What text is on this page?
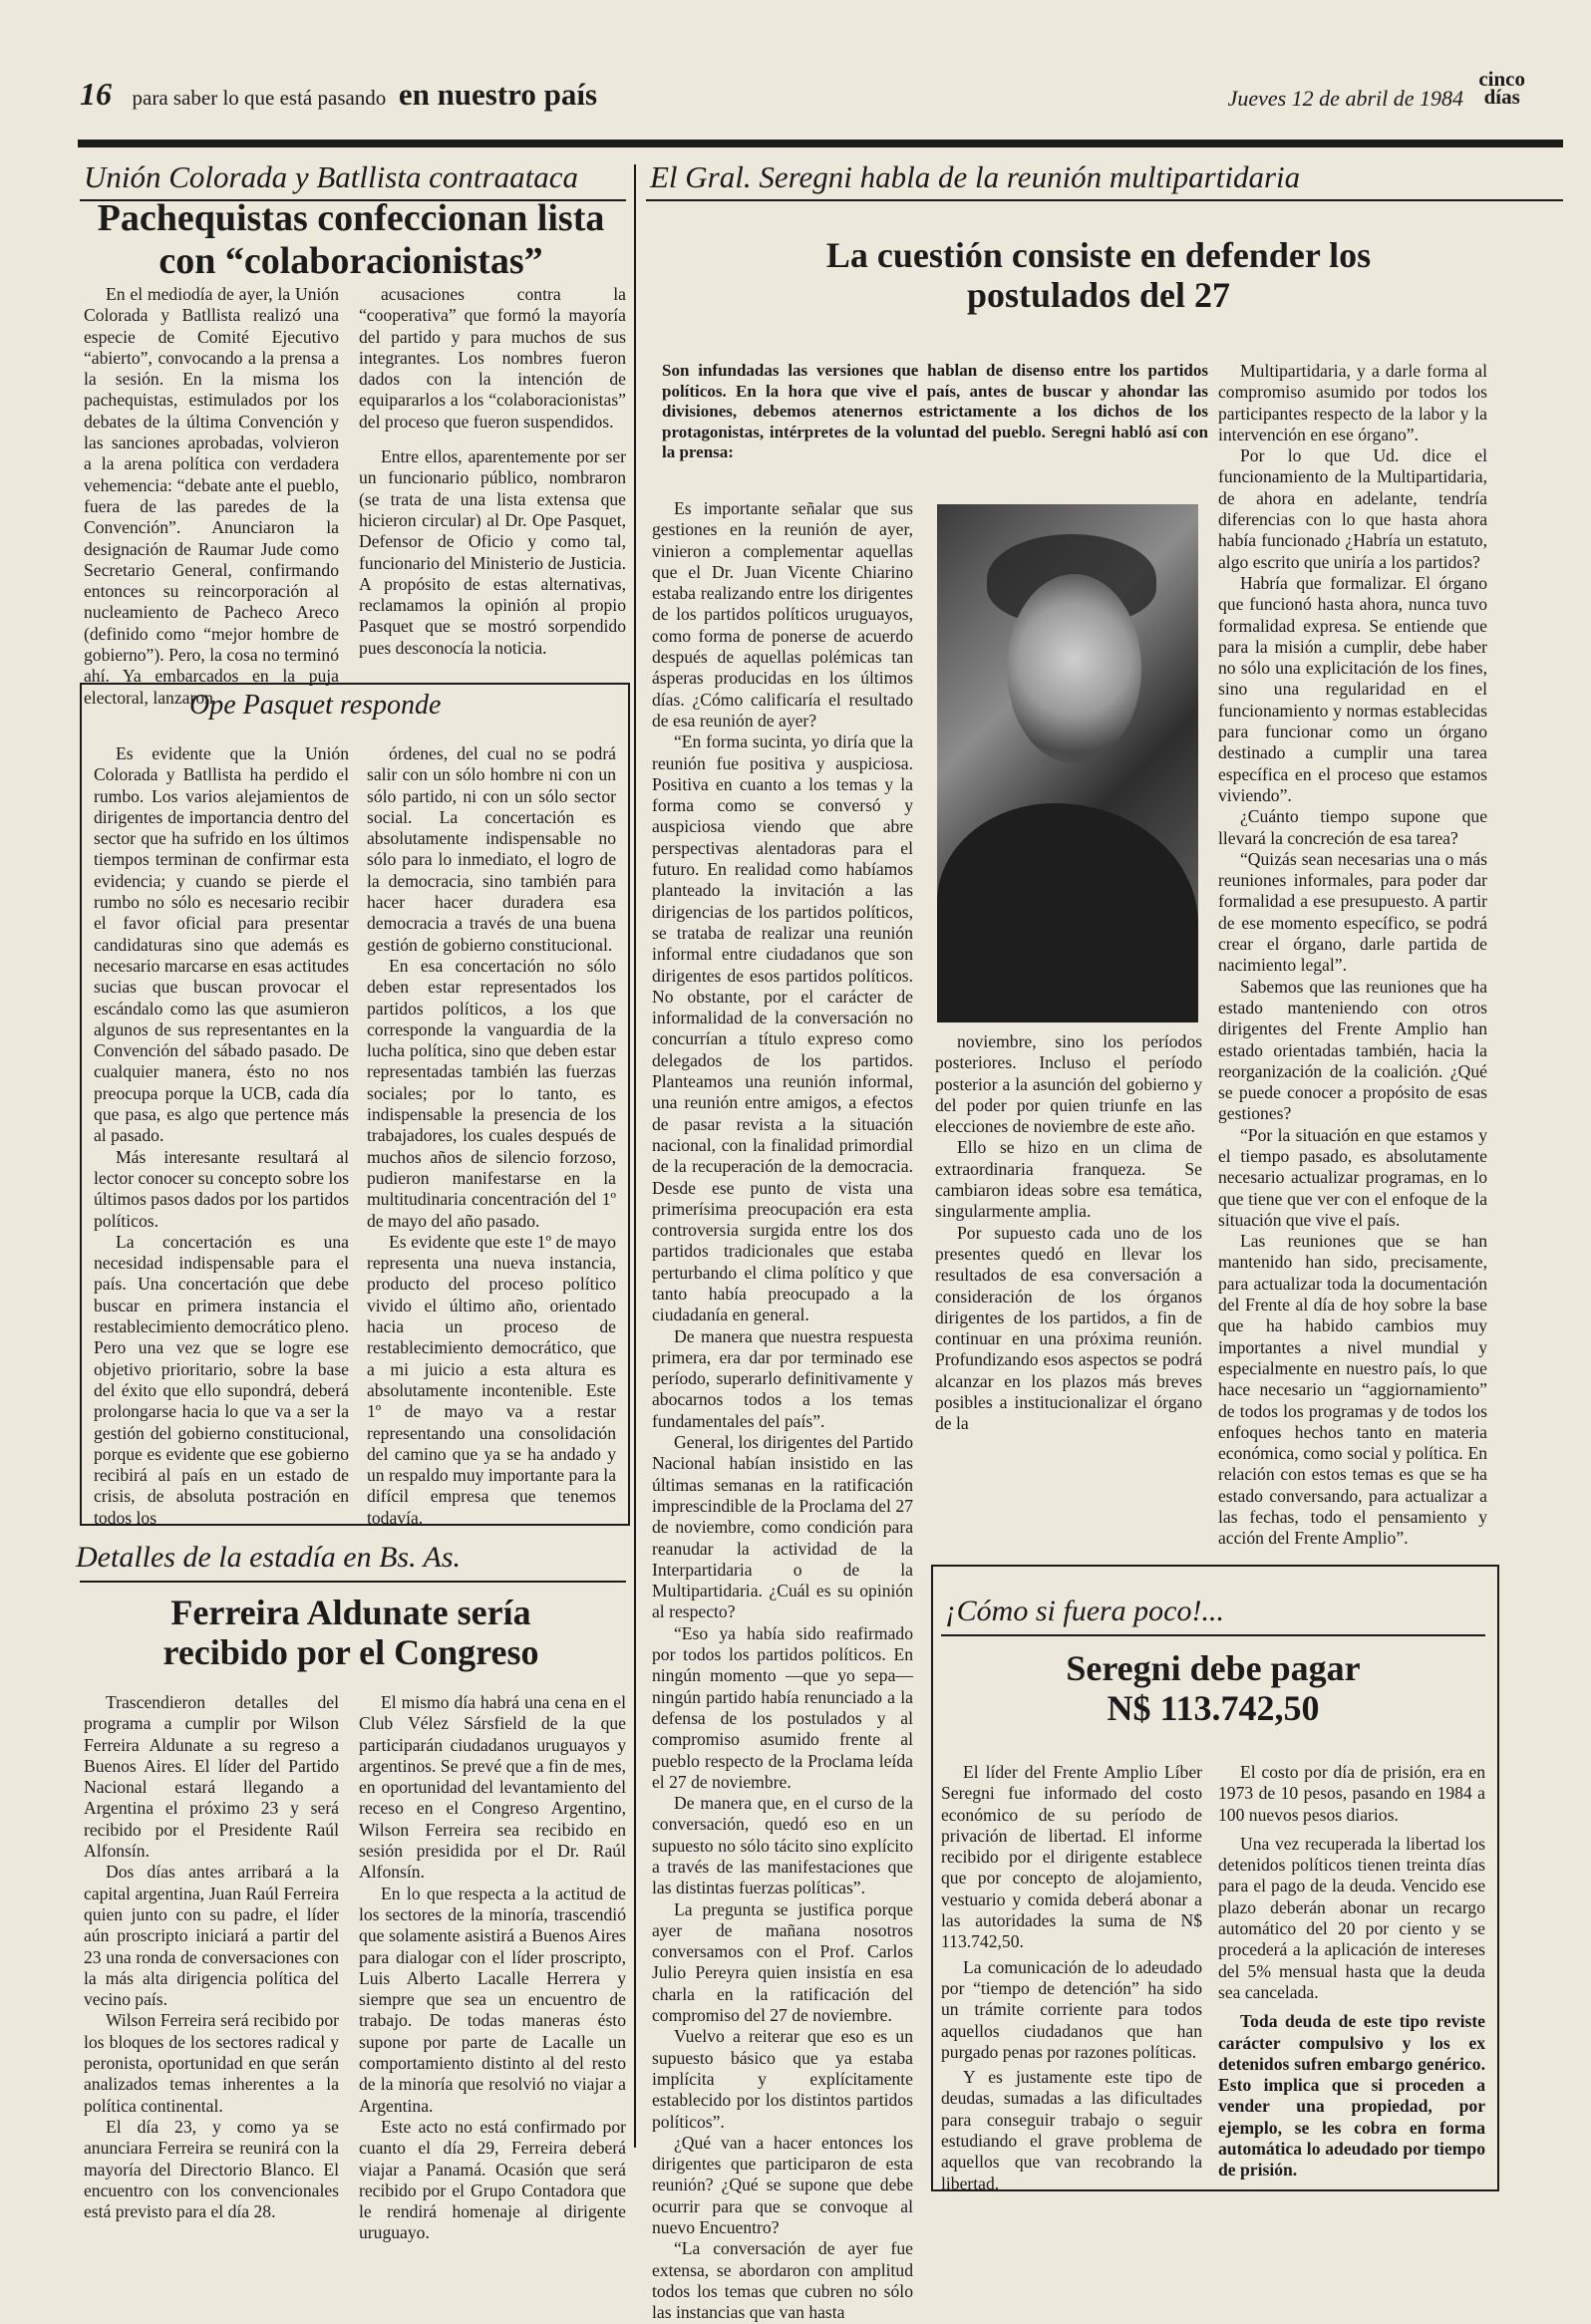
16 para saber lo que está pasando en nuestro país	Jueves 12 de abril de 1984
cinco
días
Unión Colorada y Batllista contraataca
Pachequistas confeccionan lista
con “colaboracionistas”

En el mediodía de ayer, la Unión Colorada y Batllista realizó una especie de Comité Ejecutivo “abierto”, convocando a la prensa a la sesión. En la misma los pachequistas, estimulados por los debates de la última Convención y las sanciones aprobadas, volvieron a la arena política con verdadera vehemencia: “debate ante el pueblo, fuera de las paredes de la Convención”. Anunciaron la designación de Raumar Jude como Secretario General, confirmando entonces su reincorporación al nucleamiento de Pacheco Areco (definido como “mejor hombre de gobierno”). Pero, la cosa no terminó ahí. Ya embarcados en la puja electoral, lanzaron

acusaciones contra la “cooperativa” que formó la mayoría del partido y para muchos de sus integrantes. Los nombres fueron dados con la intención de equipararlos a los “colaboracionistas” del proceso que fueron suspendidos.

Entre ellos, aparentemente por ser un funcionario público, nombraron (se trata de una lista extensa que hicieron circular) al Dr. Ope Pasquet, Defensor de Oficio y como tal, funcionario del Ministerio de Justicia. A propósito de estas alternativas, reclamamos la opinión al propio Pasquet que se mostró sorpendido pues desconocía la noticia.

Ope Pasquet responde

Es evidente que la Unión Colorada y Batllista ha perdido el rumbo. Los varios alejamientos de dirigentes de importancia dentro del sector que ha sufrido en los últimos tiempos terminan de confirmar esta evidencia; y cuando se pierde el rumbo no sólo es necesario recibir el favor oficial para presentar candidaturas sino que además es necesario marcarse en esas actitudes sucias que buscan provocar el escándalo como las que asumieron algunos de sus representantes en la Convención del sábado pasado. De cualquier manera, ésto no nos preocupa porque la UCB, cada día que pasa, es algo que pertence más al pasado.

Más interesante resultará al lector conocer su concepto sobre los últimos pasos dados por los partidos políticos.

La concertación es una necesidad indispensable para el país. Una concertación que debe buscar en primera instancia el restablecimiento democrático pleno. Pero una vez que se logre ese objetivo prioritario, sobre la base del éxito que ello supondrá, deberá prolongarse hacia lo que va a ser la gestión del gobierno constitucional, porque es evidente que ese gobierno recibirá al país en un estado de crisis, de absoluta postración en todos los

órdenes, del cual no se podrá salir con un sólo hombre ni con un sólo partido, ni con un sólo sector social. La concertación es absolutamente indispensable no sólo para lo inmediato, el logro de la democracia, sino también para hacer hacer duradera esa democracia a través de una buena gestión de gobierno constitucional.

En esa concertación no sólo deben estar representados los partidos políticos, a los que corresponde la vanguardia de la lucha política, sino que deben estar representadas también las fuerzas sociales; por lo tanto, es indispensable la presencia de los trabajadores, los cuales después de muchos años de silencio forzoso, pudieron manifestarse en la multitudinaria concentración del 1º de mayo del año pasado.

Es evidente que este 1º de mayo representa una nueva instancia, producto del proceso político vivido el último año, orientado hacia un proceso de restablecimiento democrático, que a mi juicio a esta altura es absolutamente incontenible. Este 1º de mayo va a restar representando una consolidación del camino que ya se ha andado y un respaldo muy importante para la difícil empresa que tenemos todavía.

Detalles de la estadía en Bs. As.
Ferreira Aldunate sería
recibido por el Congreso

Trascendieron detalles del programa a cumplir por Wilson Ferreira Aldunate a su regreso a Buenos Aires. El líder del Partido Nacional estará llegando a Argentina el próximo 23 y será recibido por el Presidente Raúl Alfonsín.

Dos días antes arribará a la capital argentina, Juan Raúl Ferreira quien junto con su padre, el líder aún proscripto iniciará a partir del 23 una ronda de conversaciones con la más alta dirigencia política del vecino país.

Wilson Ferreira será recibido por los bloques de los sectores radical y peronista, oportunidad en que serán analizados temas inherentes a la política continental.

El día 23, y como ya se anunciara Ferreira se reunirá con la mayoría del Directorio Blanco. El encuentro con los convencionales está previsto para el día 28.

El mismo día habrá una cena en el Club Vélez Sársfield de la que participarán ciudadanos uruguayos y argentinos. Se prevé que a fin de mes, en oportunidad del levantamiento del receso en el Congreso Argentino, Wilson Ferreira sea recibido en sesión presidida por el Dr. Raúl Alfonsín.

En lo que respecta a la actitud de los sectores de la minoría, trascendió que solamente asistirá a Buenos Aires para dialogar con el líder proscripto, Luis Alberto Lacalle Herrera y siempre que sea un encuentro de trabajo. De todas maneras ésto supone por parte de Lacalle un comportamiento distinto al del resto de la minoría que resolvió no viajar a Argentina.

Este acto no está confirmado por cuanto el día 29, Ferreira deberá viajar a Panamá. Ocasión que será recibido por el Grupo Contadora que le rendirá homenaje al dirigente uruguayo.

El Gral. Seregni habla de la reunión multipartidaria
La cuestión consiste en defender los
postulados del 27
Son infundadas las versiones que hablan de disenso entre los partidos políticos. En la hora que vive el país, antes de buscar y ahondar las divisiones, debemos atenernos estrictamente a los dichos de los protagonistas, intérpretes de la voluntad del pueblo. Seregni habló así con la prensa:

Es importante señalar que sus gestiones en la reunión de ayer, vinieron a complementar aquellas que el Dr. Juan Vicente Chiarino estaba realizando entre los dirigentes de los partidos políticos uruguayos, como forma de ponerse de acuerdo después de aquellas polémicas tan ásperas producidas en los últimos días. ¿Cómo calificaría el resultado de esa reunión de ayer?

“En forma sucinta, yo diría que la reunión fue positiva y auspiciosa. Positiva en cuanto a los temas y la forma como se conversó y auspiciosa viendo que abre perspectivas alentadoras para el futuro. En realidad como habíamos planteado la invitación a las dirigencias de los partidos políticos, se trataba de realizar una reunión informal entre ciudadanos que son dirigentes de esos partidos políticos. No obstante, por el carácter de informalidad de la conversación no concurrían a título expreso como delegados de los partidos. Planteamos una reunión informal, una reunión entre amigos, a efectos de pasar revista a la situación nacional, con la finalidad primordial de la recuperación de la democracia. Desde ese punto de vista una primerísima preocupación era esta controversia surgida entre los dos partidos tradicionales que estaba perturbando el clima político y que tanto había preocupado a la ciudadanía en general.

De manera que nuestra respuesta primera, era dar por terminado ese período, superarlo definitivamente y abocarnos todos a los temas fundamentales del país”.

General, los dirigentes del Partido Nacional habían insistido en las últimas semanas en la ratificación imprescindible de la Proclama del 27 de noviembre, como condición para reanudar la actividad de la Interpartidaria o de la Multipartidaria. ¿Cuál es su opinión al respecto?

“Eso ya había sido reafirmado por todos los partidos políticos. En ningún momento —que yo sepa— ningún partido había renunciado a la defensa de los postulados y al compromiso asumido frente al pueblo respecto de la Proclama leída el 27 de noviembre.

De manera que, en el curso de la conversación, quedó eso en un supuesto no sólo tácito sino explícito a través de las manifestaciones que las distintas fuerzas políticas”.

La pregunta se justifica porque ayer de mañana nosotros conversamos con el Prof. Carlos Julio Pereyra quien insistía en esa charla en la ratificación del compromiso del 27 de noviembre.

Vuelvo a reiterar que eso es un supuesto básico que ya estaba implícita y explícitamente establecido por los distintos partidos políticos”.

¿Qué van a hacer entonces los dirigentes que participaron de esta reunión? ¿Qué se supone que debe ocurrir para que se convoque al nuevo Encuentro?

“La conversación de ayer fue extensa, se abordaron con amplitud todos los temas que cubren no sólo las instancias que van hasta

noviembre, sino los períodos posteriores. Incluso el período posterior a la asunción del gobierno y del poder por quien triunfe en las elecciones de noviembre de este año.

Ello se hizo en un clima de extraordinaria franqueza. Se cambiaron ideas sobre esa temática, singularmente amplia.

Por supuesto cada uno de los presentes quedó en llevar los resultados de esa conversación a consideración de los órganos dirigentes de los partidos, a fin de continuar en una próxima reunión. Profundizando esos aspectos se podrá alcanzar en los plazos más breves posibles a institucionalizar el órgano de la

Multipartidaria, y a darle forma al compromiso asumido por todos los participantes respecto de la labor y la intervención en ese órgano”.

Por lo que Ud. dice el funcionamiento de la Multipartidaria, de ahora en adelante, tendría diferencias con lo que hasta ahora había funcionado ¿Habría un estatuto, algo escrito que uniría a los partidos?

Habría que formalizar. El órgano que funcionó hasta ahora, nunca tuvo formalidad expresa. Se entiende que para la misión a cumplir, debe haber no sólo una explicitación de los fines, sino una regularidad en el funcionamiento y normas establecidas para funcionar como un órgano destinado a cumplir una tarea específica en el proceso que estamos viviendo”.

¿Cuánto tiempo supone que llevará la concreción de esa tarea?

“Quizás sean necesarias una o más reuniones informales, para poder dar formalidad a ese presupuesto. A partir de ese momento específico, se podrá crear el órgano, darle partida de nacimiento legal”.

Sabemos que las reuniones que ha estado manteniendo con otros dirigentes del Frente Amplio han estado orientadas también, hacia la reorganización de la coalición. ¿Qué se puede conocer a propósito de esas gestiones?

“Por la situación en que estamos y el tiempo pasado, es absolutamente necesario actualizar programas, en lo que tiene que ver con el enfoque de la situación que vive el país.

Las reuniones que se han mantenido han sido, precisamente, para actualizar toda la documentación del Frente al día de hoy sobre la base que ha habido cambios muy importantes a nivel mundial y especialmente en nuestro país, lo que hace necesario un “aggiornamiento” de todos los programas y de todos los enfoques hechos tanto en materia económica, como social y política. En relación con estos temas es que se ha estado conversando, para actualizar a las fechas, todo el pensamiento y acción del Frente Amplio”.

¡Cómo si fuera poco!...
Seregni debe pagar
N$ 113.742,50

El líder del Frente Amplio Líber Seregni fue informado del costo económico de su período de privación de libertad. El informe recibido por el dirigente establece que por concepto de alojamiento, vestuario y comida deberá abonar a las autoridades la suma de N$ 113.742,50.

La comunicación de lo adeudado por “tiempo de detención” ha sido un trámite corriente para todos aquellos ciudadanos que han purgado penas por razones políticas.

Y es justamente este tipo de deudas, sumadas a las dificultades para conseguir trabajo o seguir estudiando el grave problema de aquellos que van recobrando la libertad.

El costo por día de prisión, era en 1973 de 10 pesos, pasando en 1984 a 100 nuevos pesos diarios.

Una vez recuperada la libertad los detenidos políticos tienen treinta días para el pago de la deuda. Vencido ese plazo deberán abonar un recargo automático del 20 por ciento y se procederá a la aplicación de intereses del 5% mensual hasta que la deuda sea cancelada.

Toda deuda de este tipo reviste carácter compulsivo y los ex detenidos sufren embargo genérico. Esto implica que si proceden a vender una propiedad, por ejemplo, se les cobra en forma automática lo adeudado por tiempo de prisión.
